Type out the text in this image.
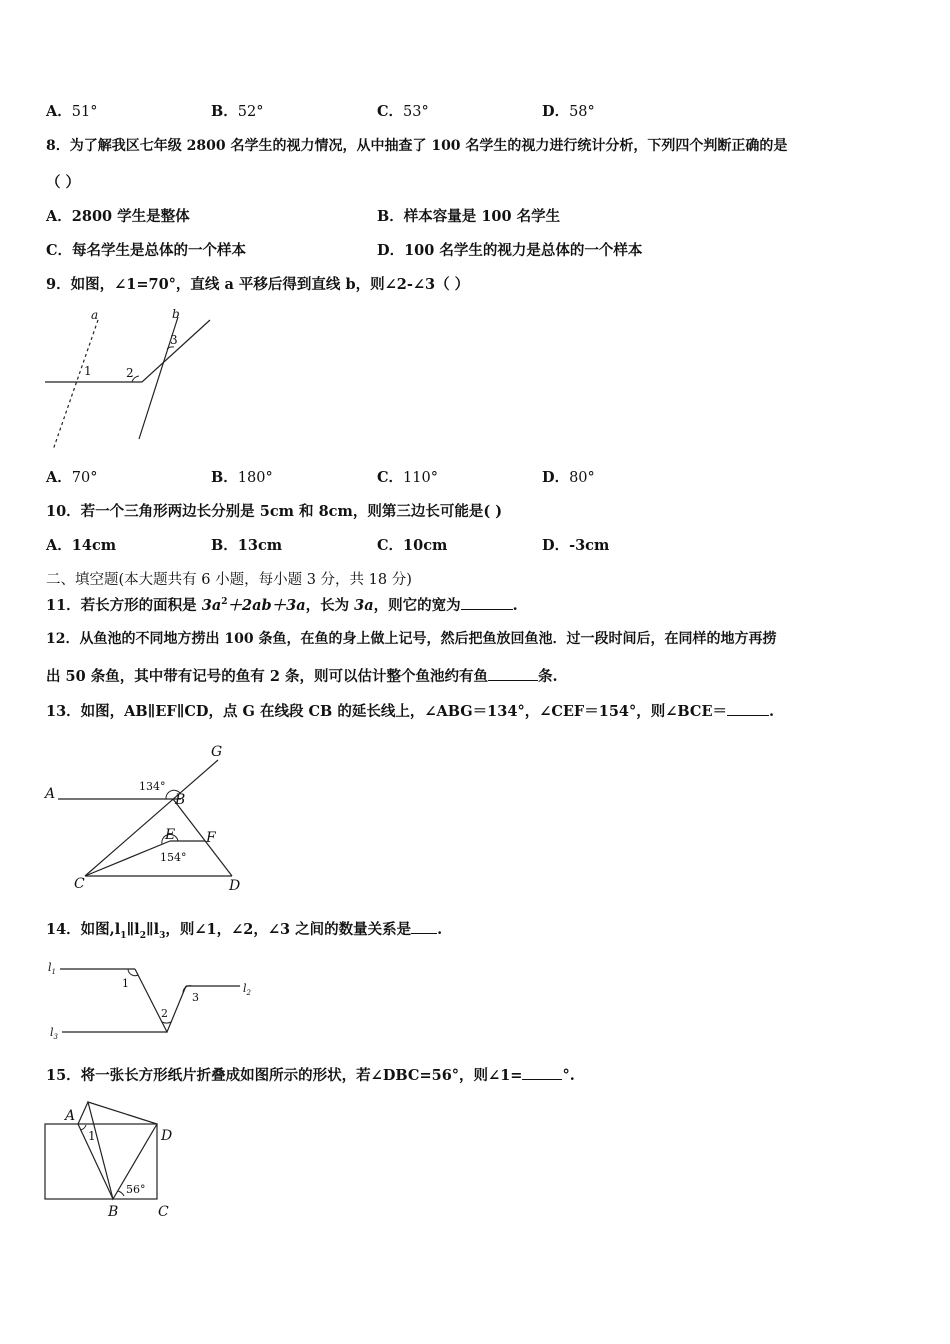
A．51°	B．52°	C．53°	D．58°
8．为了解我区七年级 2800 名学生的视力情况，从中抽查了 100 名学生的视力进行统计分析，下列四个判断正确的是
（ ）
A．2800 学生是整体	B．样本容量是 100 名学生
C．每名学生是总体的一个样本	D．100 名学生的视力是总体的一个样本
9．如图，∠1=70°，直线 a 平移后得到直线 b，则∠2-∠3（ ）
a	b
1	2
3
A．70°	B．180°	C．110°	D．80°
10．若一个三角形两边长分别是 5cm 和 8cm，则第三边长可能是( )
A．14cm	B．13cm	C．10cm	D．-3cm
二、填空题(本大题共有 6 小题，每小题 3 分，共 18 分)
11．若长方形的面积是 $3a^2+2ab+3a$，长为 3a，则它的宽为	.
12．从鱼池的不同地方捞出 100 条鱼，在鱼的身上做上记号，然后把鱼放回鱼池．过一段时间后，在同样的地方再捞
出 50 条鱼，其中带有记号的鱼有 2 条，则可以估计整个鱼池约有鱼	条.
13．如图，AB∥EF∥CD，点 G 在线段 CB 的延长线上，∠ABG＝134°，∠CEF＝154°，则∠BCE＝	.
A	B
C	D
E F
G
134°
154°
14．如图$,l_1\parallel l_2\parallel l_3$，则∠1，∠2，∠3 之间的数量关系是 .
$l_1$
$l_2$
$l_3$
1
2
3
15．将一张长方形纸片折叠成如图所示的形状，若∠DBC=56°，则∠1=	°.
A
D
B	C
1
56°
